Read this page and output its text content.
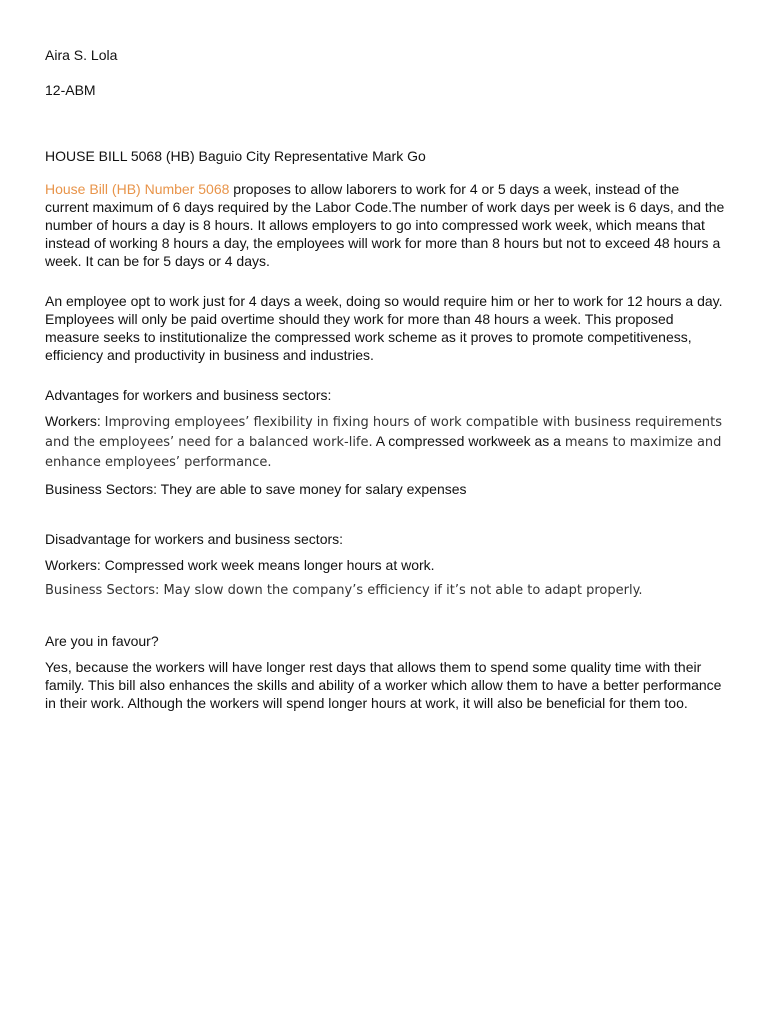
Aira S. Lola

12-ABM

HOUSE BILL 5068 (HB) Baguio City Representative Mark Go

House Bill (HB) Number 5068 proposes to allow laborers to work for 4 or 5 days a week, instead of the current maximum of 6 days required by the Labor Code.The number of work days per week is 6 days, and the number of hours a day is 8 hours. It allows employers to go into compressed work week, which means that instead of working 8 hours a day, the employees will work for more than 8 hours but not to exceed 48 hours a week. It can be for 5 days or 4 days.

An employee opt to work just for 4 days a week, doing so would require him or her to work for 12 hours a day. Employees will only be paid overtime should they work for more than 48 hours a week. This proposed measure seeks to institutionalize the compressed work scheme as it proves to promote competitiveness, efficiency and productivity in business and industries.

Advantages for workers and business sectors:

Workers: Improving employees’ flexibility in fixing hours of work compatible with business requirements and the employees’ need for a balanced work-life. A compressed workweek as a means to maximize and enhance employees’ performance.

Business Sectors: They are able to save money for salary expenses

Disadvantage for workers and business sectors:

Workers: Compressed work week means longer hours at work.

Business Sectors: May slow down the company’s efficiency if it’s not able to adapt properly.

Are you in favour?

Yes, because the workers will have longer rest days that allows them to spend some quality time with their family. This bill also enhances the skills and ability of a worker which allow them to have a better performance in their work. Although the workers will spend longer hours at work, it will also be beneficial for them too.
